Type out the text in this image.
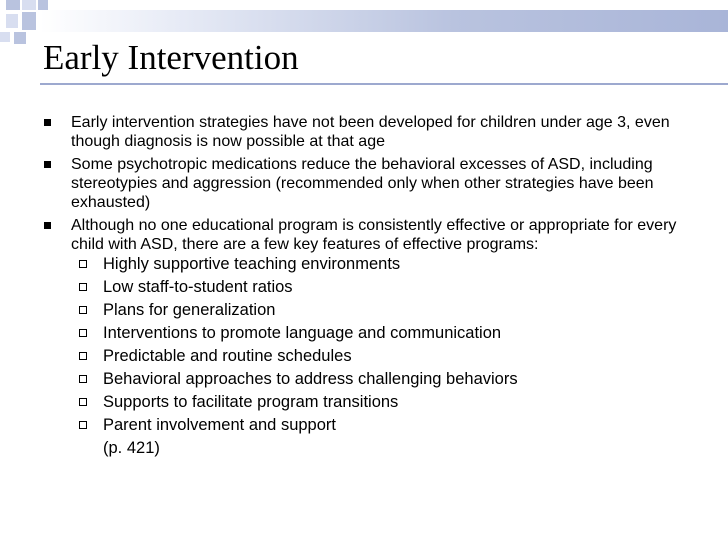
Early Intervention
Early intervention strategies have not been developed for children under age 3, even though diagnosis is now possible at that age
Some psychotropic medications reduce the behavioral excesses of ASD, including stereotypies and aggression (recommended only when other strategies have been exhausted)
Although no one educational program is consistently effective or appropriate for every child with ASD, there are a few key features of effective programs:
Highly supportive teaching environments
Low staff-to-student ratios
Plans for generalization
Interventions to promote language and communication
Predictable and routine schedules
Behavioral approaches to address challenging behaviors
Supports to facilitate program transitions
Parent involvement and support
(p. 421)
